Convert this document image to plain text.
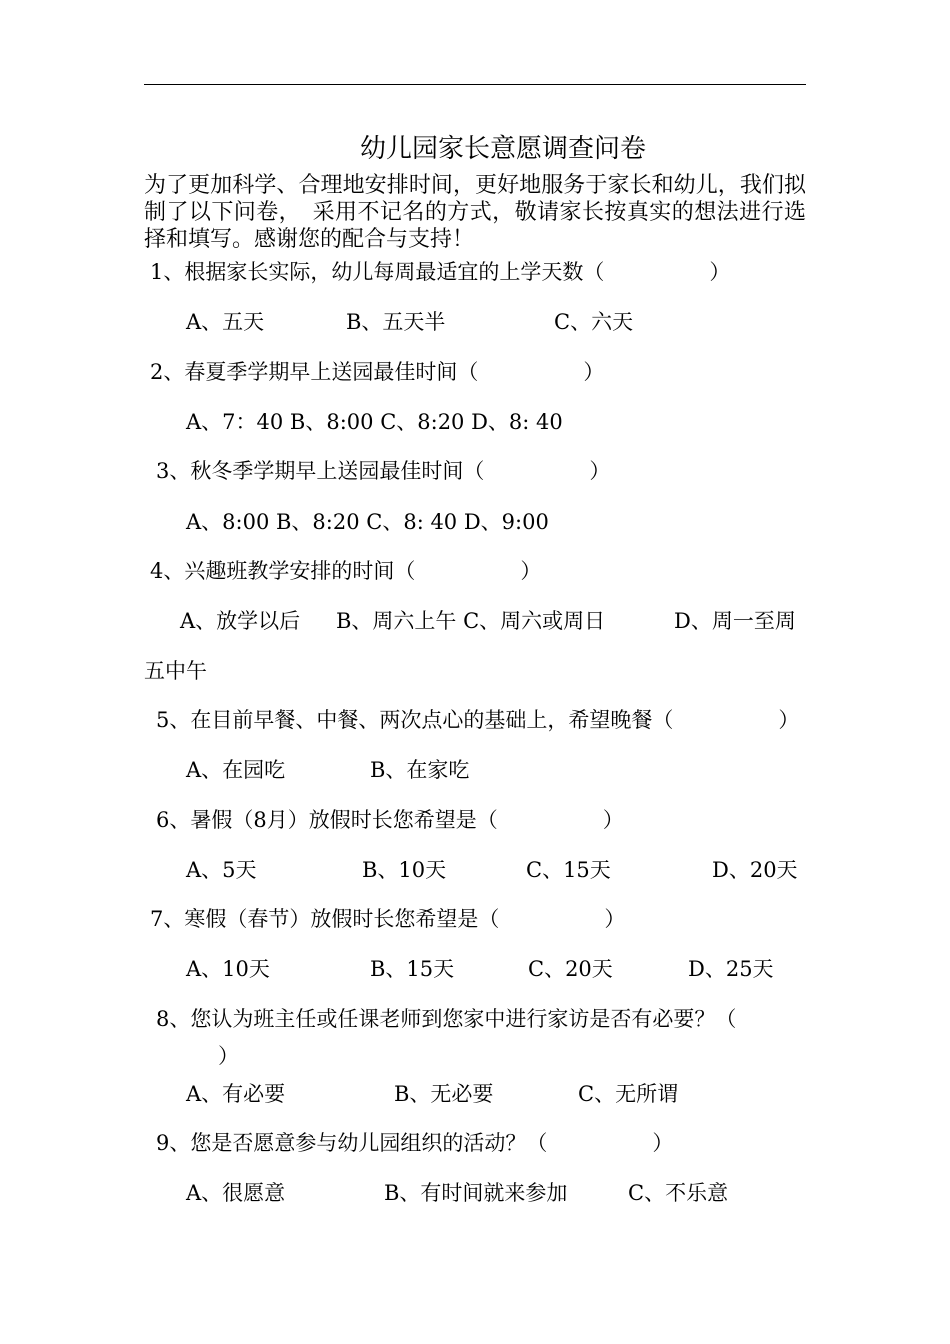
幼儿园家长意愿调查问卷
为了更加科学、合理地安排时间，更好地服务于家长和幼儿，我们拟制了以下问卷，　采用不记名的方式，敬请家长按真实的想法进行选择和填写。感谢您的配合与支持！
1、根据家长实际，幼儿每周最适宜的上学天数（　　　　　）
A、五天	B、五天半	C、六天
2、春夏季学期早上送园最佳时间（　　　　　）
A、7：40 B、8:00 C、8:20 D、8: 40
3、秋冬季学期早上送园最佳时间（　　　　　）
A、8:00 B、8:20 C、8: 40 D、9:00
4、兴趣班教学安排的时间（　　　　　）
A、放学以后 B、周六上午 C、周六或周日	D、周一至周
五中午
5、在目前早餐、中餐、两次点心的基础上，希望晚餐（　　　　　）
A、在园吃	B、在家吃
6、暑假（8月）放假时长您希望是（　　　　　）
A、5天	B、10天	C、15天	D、20天
7、寒假（春节）放假时长您希望是（　　　　　）
A、10天	B、15天	C、20天	D、25天
8、您认为班主任或任课老师到您家中进行家访是否有必要？（
）
A、有必要	B、无必要	C、无所谓
9、您是否愿意参与幼儿园组织的活动？（　　　　　）
A、很愿意	B、有时间就来参加	C、不乐意
